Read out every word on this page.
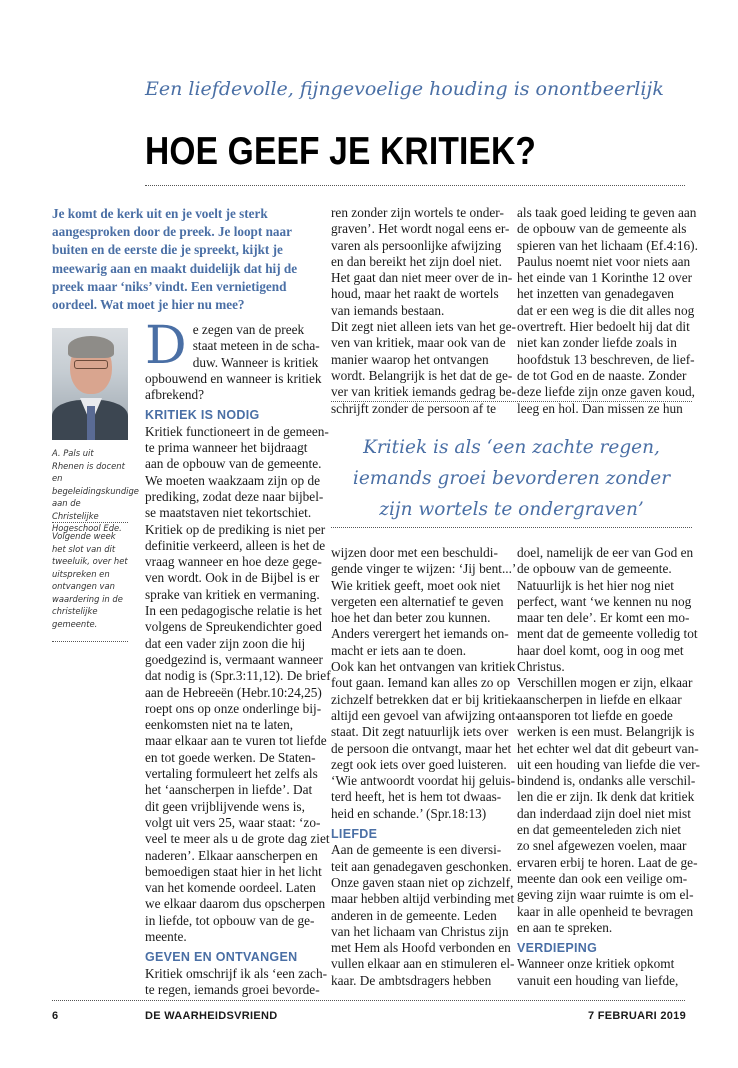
Een liefdevolle, fijngevoelige houding is onontbeerlijk
HOE GEEF JE KRITIEK?
Je komt de kerk uit en je voelt je sterk aangesproken door de preek. Je loopt naar buiten en de eerste die je spreekt, kijkt je meewarig aan en maakt duidelijk dat hij de preek maar ‘niks’ vindt. Een vernietigend oordeel. Wat moet je hier nu mee?
A. Pals uit Rhenen is docent en begeleidingskundige aan de Christelijke Hogeschool Ede.
Volgende week het slot van dit tweeluik, over het uitspreken en ontvangen van waardering in de christelijke gemeente.
D e zegen van de preek
staat meteen in de scha-
duw. Wanneer is kritiek
opbouwend en wanneer is kritiek
afbrekend?
KRITIEK IS NODIG
Kritiek functioneert in de gemeen-
te prima wanneer het bijdraagt
aan de opbouw van de gemeente.
We moeten waakzaam zijn op de
prediking, zodat deze naar bijbel-
se maatstaven niet tekortschiet.
Kritiek op de prediking is niet per
definitie verkeerd, alleen is het de
vraag wanneer en hoe deze gege-
ven wordt. Ook in de Bijbel is er
sprake van kritiek en vermaning.
In een pedagogische relatie is het
volgens de Spreukendichter goed
dat een vader zijn zoon die hij
goedgezind is, vermaant wanneer
dat nodig is (Spr.3:11,12). De brief
aan de Hebreeën (Hebr.10:24,25)
roept ons op onze onderlinge bij-
eenkomsten niet na te laten,
maar elkaar aan te vuren tot liefde
en tot goede werken. De Staten-
vertaling formuleert het zelfs als
het ‘aanscherpen in liefde’. Dat
dit geen vrijblijvende wens is,
volgt uit vers 25, waar staat: ‘zo-
veel te meer als u de grote dag ziet
naderen’. Elkaar aanscherpen en
bemoedigen staat hier in het licht
van het komende oordeel. Laten
we elkaar daarom dus opscherpen
in liefde, tot opbouw van de ge-
meente.
GEVEN EN ONTVANGEN
Kritiek omschrijf ik als ‘een zach-
te regen, iemands groei bevorde-
ren zonder zijn wortels te onder-
graven’. Het wordt nogal eens er-
varen als persoonlijke afwijzing
en dan bereikt het zijn doel niet.
Het gaat dan niet meer over de in-
houd, maar het raakt de wortels
van iemands bestaan.
Dit zegt niet alleen iets van het ge-
ven van kritiek, maar ook van de
manier waarop het ontvangen
wordt. Belangrijk is het dat de ge-
ver van kritiek iemands gedrag be-
schrijft zonder de persoon af te
als taak goed leiding te geven aan
de opbouw van de gemeente als
spieren van het lichaam (Ef.4:16).
Paulus noemt niet voor niets aan
het einde van 1 Korinthe 12 over
het inzetten van genadegaven
dat er een weg is die dit alles nog
overtreft. Hier bedoelt hij dat dit
niet kan zonder liefde zoals in
hoofdstuk 13 beschreven, de lief-
de tot God en de naaste. Zonder
deze liefde zijn onze gaven koud,
leeg en hol. Dan missen ze hun
Kritiek is als ‘een zachte regen,
iemands groei bevorderen zonder
zijn wortels te ondergraven’
wijzen door met een beschuldi-
gende vinger te wijzen: ‘Jij bent...’
Wie kritiek geeft, moet ook niet
vergeten een alternatief te geven
hoe het dan beter zou kunnen.
Anders verergert het iemands on-
macht er iets aan te doen.
Ook kan het ontvangen van kritiek
fout gaan. Iemand kan alles zo op
zichzelf betrekken dat er bij kritiek
altijd een gevoel van afwijzing ont-
staat. Dit zegt natuurlijk iets over
de persoon die ontvangt, maar het
zegt ook iets over goed luisteren.
‘Wie antwoordt voordat hij geluis-
terd heeft, het is hem tot dwaas-
heid en schande.’ (Spr.18:13)
LIEFDE
Aan de gemeente is een diversi-
teit aan genadegaven geschonken.
Onze gaven staan niet op zichzelf,
maar hebben altijd verbinding met
anderen in de gemeente. Leden
van het lichaam van Christus zijn
met Hem als Hoofd verbonden en
vullen elkaar aan en stimuleren el-
kaar. De ambtsdragers hebben
doel, namelijk de eer van God en
de opbouw van de gemeente.
Natuurlijk is het hier nog niet
perfect, want ‘we kennen nu nog
maar ten dele’. Er komt een mo-
ment dat de gemeente volledig tot
haar doel komt, oog in oog met
Christus.
Verschillen mogen er zijn, elkaar
aanscherpen in liefde en elkaar
aansporen tot liefde en goede
werken is een must. Belangrijk is
het echter wel dat dit gebeurt van-
uit een houding van liefde die ver-
bindend is, ondanks alle verschil-
len die er zijn. Ik denk dat kritiek
dan inderdaad zijn doel niet mist
en dat gemeenteleden zich niet
zo snel afgewezen voelen, maar
ervaren erbij te horen. Laat de ge-
meente dan ook een veilige om-
geving zijn waar ruimte is om el-
kaar in alle openheid te bevragen
en aan te spreken.
VERDIEPING
Wanneer onze kritiek opkomt
vanuit een houding van liefde,
6	DE WAARHEIDSVRIEND	7 FEBRUARI 2019
